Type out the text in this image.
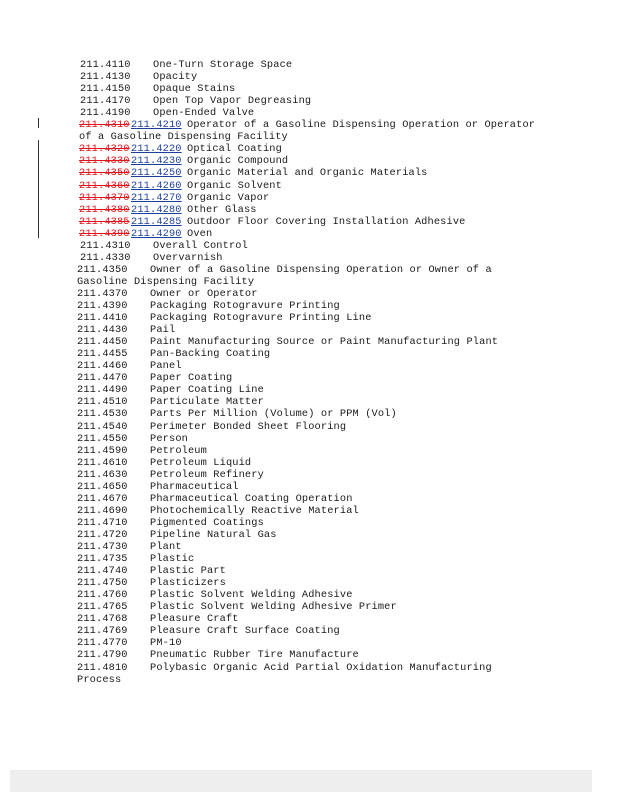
211.4110 One-Turn Storage Space
211.4130 Opacity
211.4150 Opaque Stains
211.4170 Open Top Vapor Degreasing
211.4190 Open-Ended Valve
211.4310 211.4210 Operator of a Gasoline Dispensing Operation or Operator
of a Gasoline Dispensing Facility
211.4320 211.4220 Optical Coating
211.4330 211.4230 Organic Compound
211.4350 211.4250 Organic Material and Organic Materials
211.4360 211.4260 Organic Solvent
211.4370 211.4270 Organic Vapor
211.4380 211.4280 Other Glass
211.4385 211.4285 Outdoor Floor Covering Installation Adhesive
211.4390 211.4290 Oven
211.4310 Overall Control
211.4330 Overvarnish
211.4350 Owner of a Gasoline Dispensing Operation or Owner of a
Gasoline Dispensing Facility
211.4370 Owner or Operator
211.4390 Packaging Rotogravure Printing
211.4410 Packaging Rotogravure Printing Line
211.4430 Pail
211.4450 Paint Manufacturing Source or Paint Manufacturing Plant
211.4455 Pan-Backing Coating
211.4460 Panel
211.4470 Paper Coating
211.4490 Paper Coating Line
211.4510 Particulate Matter
211.4530 Parts Per Million (Volume) or PPM (Vol)
211.4540 Perimeter Bonded Sheet Flooring
211.4550 Person
211.4590 Petroleum
211.4610 Petroleum Liquid
211.4630 Petroleum Refinery
211.4650 Pharmaceutical
211.4670 Pharmaceutical Coating Operation
211.4690 Photochemically Reactive Material
211.4710 Pigmented Coatings
211.4720 Pipeline Natural Gas
211.4730 Plant
211.4735 Plastic
211.4740 Plastic Part
211.4750 Plasticizers
211.4760 Plastic Solvent Welding Adhesive
211.4765 Plastic Solvent Welding Adhesive Primer
211.4768 Pleasure Craft
211.4769 Pleasure Craft Surface Coating
211.4770 PM-10
211.4790 Pneumatic Rubber Tire Manufacture
211.4810 Polybasic Organic Acid Partial Oxidation Manufacturing
Process
